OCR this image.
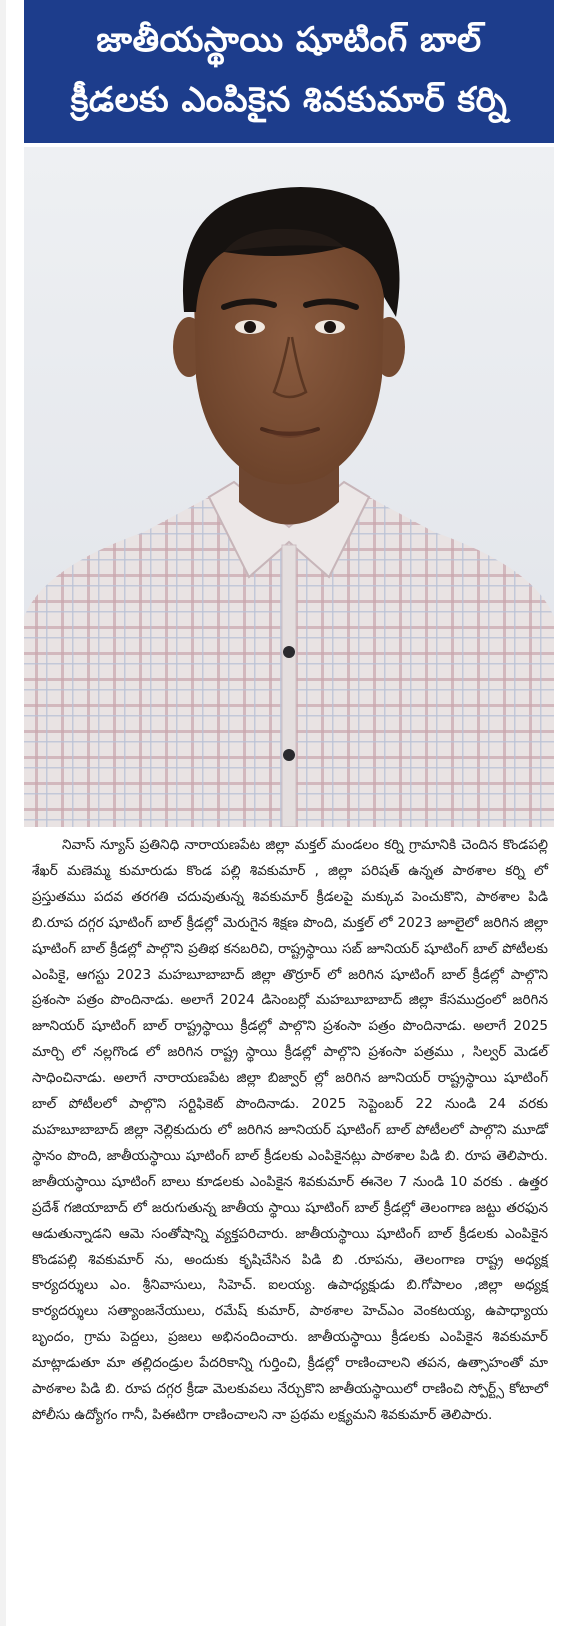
జాతీయస్థాయి షూటింగ్ బాల్
క్రీడలకు ఎంపికైన శివకుమార్ కర్ని

నివాస్ న్యూస్ ప్రతినిధి నారాయణపేట జిల్లా మక్తల్ మండలం కర్ని గ్రామానికి చెందిన కొండపల్లి శేఖర్ మణెమ్మ కుమారుడు కొండ పల్లి శివకుమార్ , జిల్లా పరిషత్ ఉన్నత పాఠశాల కర్ని లో ప్రస్తుతము పదవ తరగతి చదువుతున్న శివకుమార్ క్రీడలపై మక్కువ పెంచుకొని, పాఠశాల పిడి బి.రూప దగ్గర షూటింగ్ బాల్ క్రీడల్లో మెరుగైన శిక్షణ పొంది, మక్తల్ లో 2023 జూలైలో జరిగిన జిల్లా షూటింగ్ బాల్ క్రీడల్లో పాల్గొని ప్రతిభ కనబరిచి, రాష్ట్రస్థాయి సబ్ జూనియర్ షూటింగ్ బాల్ పోటీలకు ఎంపికై, ఆగస్టు 2023 మహబూబాబాద్ జిల్లా తొర్రూర్ లో జరిగిన షూటింగ్ బాల్ క్రీడల్లో పాల్గొని ప్రశంసా పత్రం పొందినాడు. అలాగే 2024 డిసెంబర్లో మహబూబాబాద్ జిల్లా కేసముద్రంలో జరిగిన జూనియర్ షూటింగ్ బాల్ రాష్ట్రస్థాయి క్రీడల్లో పాల్గొని ప్రశంసా పత్రం పొందినాడు. అలాగే 2025 మార్చి లో నల్లగొండ లో జరిగిన రాష్ట్ర స్థాయి క్రీడల్లో పాల్గొని ప్రశంసా పత్రము , సిల్వర్ మెడల్ సాధించినాడు. అలాగే నారాయణపేట జిల్లా బిజ్వార్ ల్లో జరిగిన జూనియర్ రాష్ట్రస్థాయి షూటింగ్ బాల్ పోటీలలో పాల్గొని సర్టిఫికెట్ పొందినాడు. 2025 సెప్టెంబర్ 22 నుండి 24 వరకు మహబూబాబాద్ జిల్లా నెల్లికుదురు లో జరిగిన జూనియర్ షూటింగ్ బాల్ పోటీలలో పాల్గొని మూడో స్థానం పొంది, జాతీయస్థాయి షూటింగ్ బాల్ క్రీడలకు ఎంపికైనట్లు పాఠశాల పిడి బి. రూప తెలిపారు. జాతీయస్థాయి షూటింగ్ బాలు కూడలకు ఎంపికైన శివకుమార్ ఈనెల 7 నుండి 10 వరకు . ఉత్తర ప్రదేశ్ గజియాబాద్ లో జరుగుతున్న జాతీయ స్థాయి షూటింగ్ బాల్ క్రీడల్లో తెలంగాణ జట్టు తరఫున ఆడుతున్నాడని ఆమె సంతోషాన్ని వ్యక్తపరిచారు. జాతీయస్థాయి షూటింగ్ బాల్ క్రీడలకు ఎంపికైన కొండపల్లి శివకుమార్ ను, అందుకు కృషిచేసిన పిడి బి .రూపను, తెలంగాణ రాష్ట్ర అధ్యక్ష కార్యదర్శులు ఎం. శ్రీనివాసులు, సిహెచ్. ఐలయ్య. ఉపాధ్యక్షుడు బి.గోపాలం ,జిల్లా అధ్యక్ష కార్యదర్శులు సత్యాంజనేయులు, రమేష్ కుమార్, పాఠశాల హెచ్ఎం వెంకటయ్య, ఉపాధ్యాయ బృందం, గ్రామ పెద్దలు, ప్రజలు అభినందించారు. జాతీయస్థాయి క్రీడలకు ఎంపికైన శివకుమార్ మాట్లాడుతూ మా తల్లిదండ్రుల పేదరికాన్ని గుర్తించి, క్రీడల్లో రాణించాలని తపన, ఉత్సాహంతో మా పాఠశాల పిడి బి. రూప దగ్గర క్రీడా మెలకువలు నేర్చుకొని జాతీయస్థాయిలో రాణించి స్పోర్ట్స్ కోటాలో పోలీసు ఉద్యోగం గానీ, పిఈటిగా రాణించాలని నా ప్రథమ లక్ష్యమని శివకుమార్ తెలిపారు.
